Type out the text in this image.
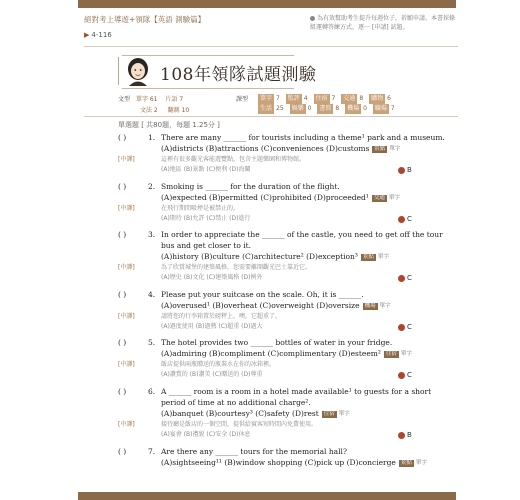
絕對考上導遊+領隊【英語 測驗篇】
▶ 4-116
為有效幫助考生提升每週位子，祈願申請。本書採條組運轉答練方式，逐一 [申請] 試題。
108年領隊試題測驗
文型 單字 61 片語 7
文法 2 翻測 10
課型	單字 7 監評 4 住宿 7 交通 8 購物 6
生活 25 娛樂 0 書寫 8 機場 0 職場 7
單選題 [ 共80題，每題 1.25分 ]
( )	1. There are many ______ for tourists including a theme¹ park and a museum.
(A)districts (B)attractions (C)conveniences (D)customs 景點 單字
[中譯]	這裡有很多觀光客能遊覽點，包含主題樂園和博物館。
(A)地區 (B)景點 (C)便利 (D)海關	B
( )	2. Smoking is ______ for the duration of the flight.
(A)expected (B)permitted (C)prohibited (D)proceeded¹ 交通 單字
[中譯]	在飛行期間吸煙是被禁止的。
(A)期待 (B)允許 (C)禁止 (D)進行	C
( )	3. In order to appreciate the ______ of the castle, you need to get off the tour bus and get closer to it.
(A)history (B)culture (C)architecture² (D)exception³ 景點 單字
[中譯]	為了欣賞城堡的建築風格，您需要離開觀光巴士靠近它。
(A)歷史 (B)文化 (C)建築風格 (D)例外	C
( )	4. Please put your suitcase on the scale. Oh, it is ______.
(A)overused¹ (B)overheat (C)overweight (D)oversize 機場 單字
[中譯]	請將您的行李箱置於磅秤上，噢，它超重了。
(A)過度使用 (B)過熱 (C)超重 (D)過大	C
( )	5. The hotel provides two ______ bottles of water in your fridge.
(A)admiring (B)compliment (C)complimentary (D)esteem² 住宿 單字
[中譯]	飯店提供兩瓶贈送的瓶裝水在你的冰箱裡。
(A)讚賞的 (B)讚美 (C)贈送的 (D)尊重	C
( )	6. A ______ room is a room in a hotel made available¹ to guests for a short period of time at no additional charge².
(A)banquet (B)courtesy³ (C)safety (D)rest 住宿 單字
[中譯]	接待廳是飯店的一個空間，提供給賓客短時間內免費使用。
(A)宴會 (B)禮貌 (C)安全 (D)休息	B
( )	7. Are there any ______ tours for the memorial hall?
(A)sightseeing¹¹ (B)window shopping (C)pick up (D)concierge 景點 單字
